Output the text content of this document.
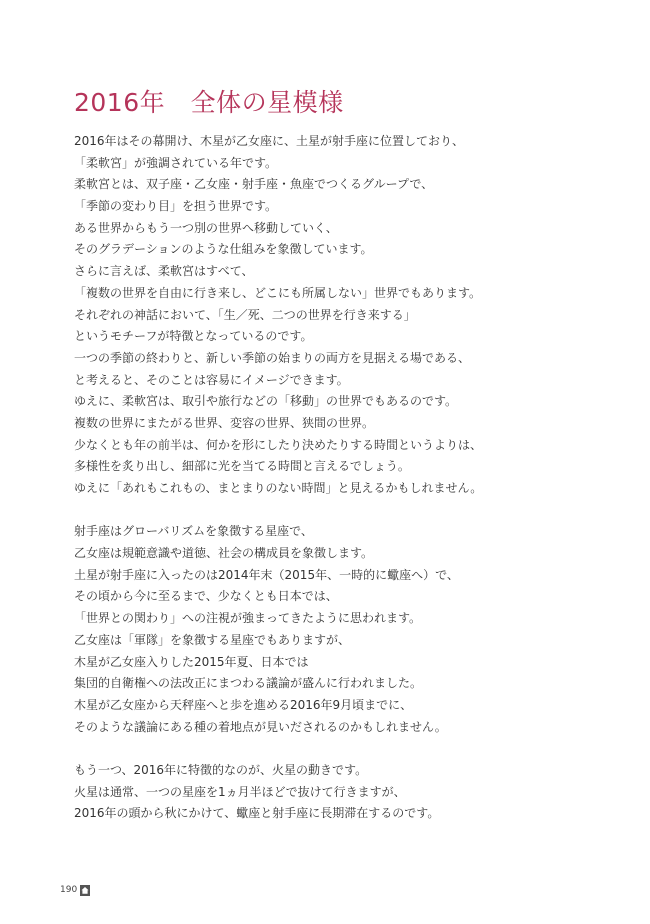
2016年　全体の星模様
2016年はその幕開け、木星が乙女座に、土星が射手座に位置しており、
「柔軟宮」が強調されている年です。
柔軟宮とは、双子座・乙女座・射手座・魚座でつくるグループで、
「季節の変わり目」を担う世界です。
ある世界からもう一つ別の世界へ移動していく、
そのグラデーションのような仕組みを象徴しています。
さらに言えば、柔軟宮はすべて、
「複数の世界を自由に行き来し、どこにも所属しない」世界でもあります。
それぞれの神話において、「生／死、二つの世界を行き来する」
というモチーフが特徴となっているのです。
一つの季節の終わりと、新しい季節の始まりの両方を見据える場である、
と考えると、そのことは容易にイメージできます。
ゆえに、柔軟宮は、取引や旅行などの「移動」の世界でもあるのです。
複数の世界にまたがる世界、変容の世界、狭間の世界。
少なくとも年の前半は、何かを形にしたり決めたりする時間というよりは、
多様性を炙り出し、細部に光を当てる時間と言えるでしょう。
ゆえに「あれもこれもの、まとまりのない時間」と見えるかもしれません。
射手座はグローバリズムを象徴する星座で、
乙女座は規範意識や道徳、社会の構成員を象徴します。
土星が射手座に入ったのは2014年末（2015年、一時的に蠍座へ）で、
その頃から今に至るまで、少なくとも日本では、
「世界との関わり」への注視が強まってきたように思われます。
乙女座は「軍隊」を象徴する星座でもありますが、
木星が乙女座入りした2015年夏、日本では
集団的自衛権への法改正にまつわる議論が盛んに行われました。
木星が乙女座から天秤座へと歩を進める2016年9月頃までに、
そのような議論にある種の着地点が見いだされるのかもしれません。
もう一つ、2016年に特徴的なのが、火星の動きです。
火星は通常、一つの星座を1ヵ月半ほどで抜けて行きますが、
2016年の頭から秋にかけて、蠍座と射手座に長期滞在するのです。
190
